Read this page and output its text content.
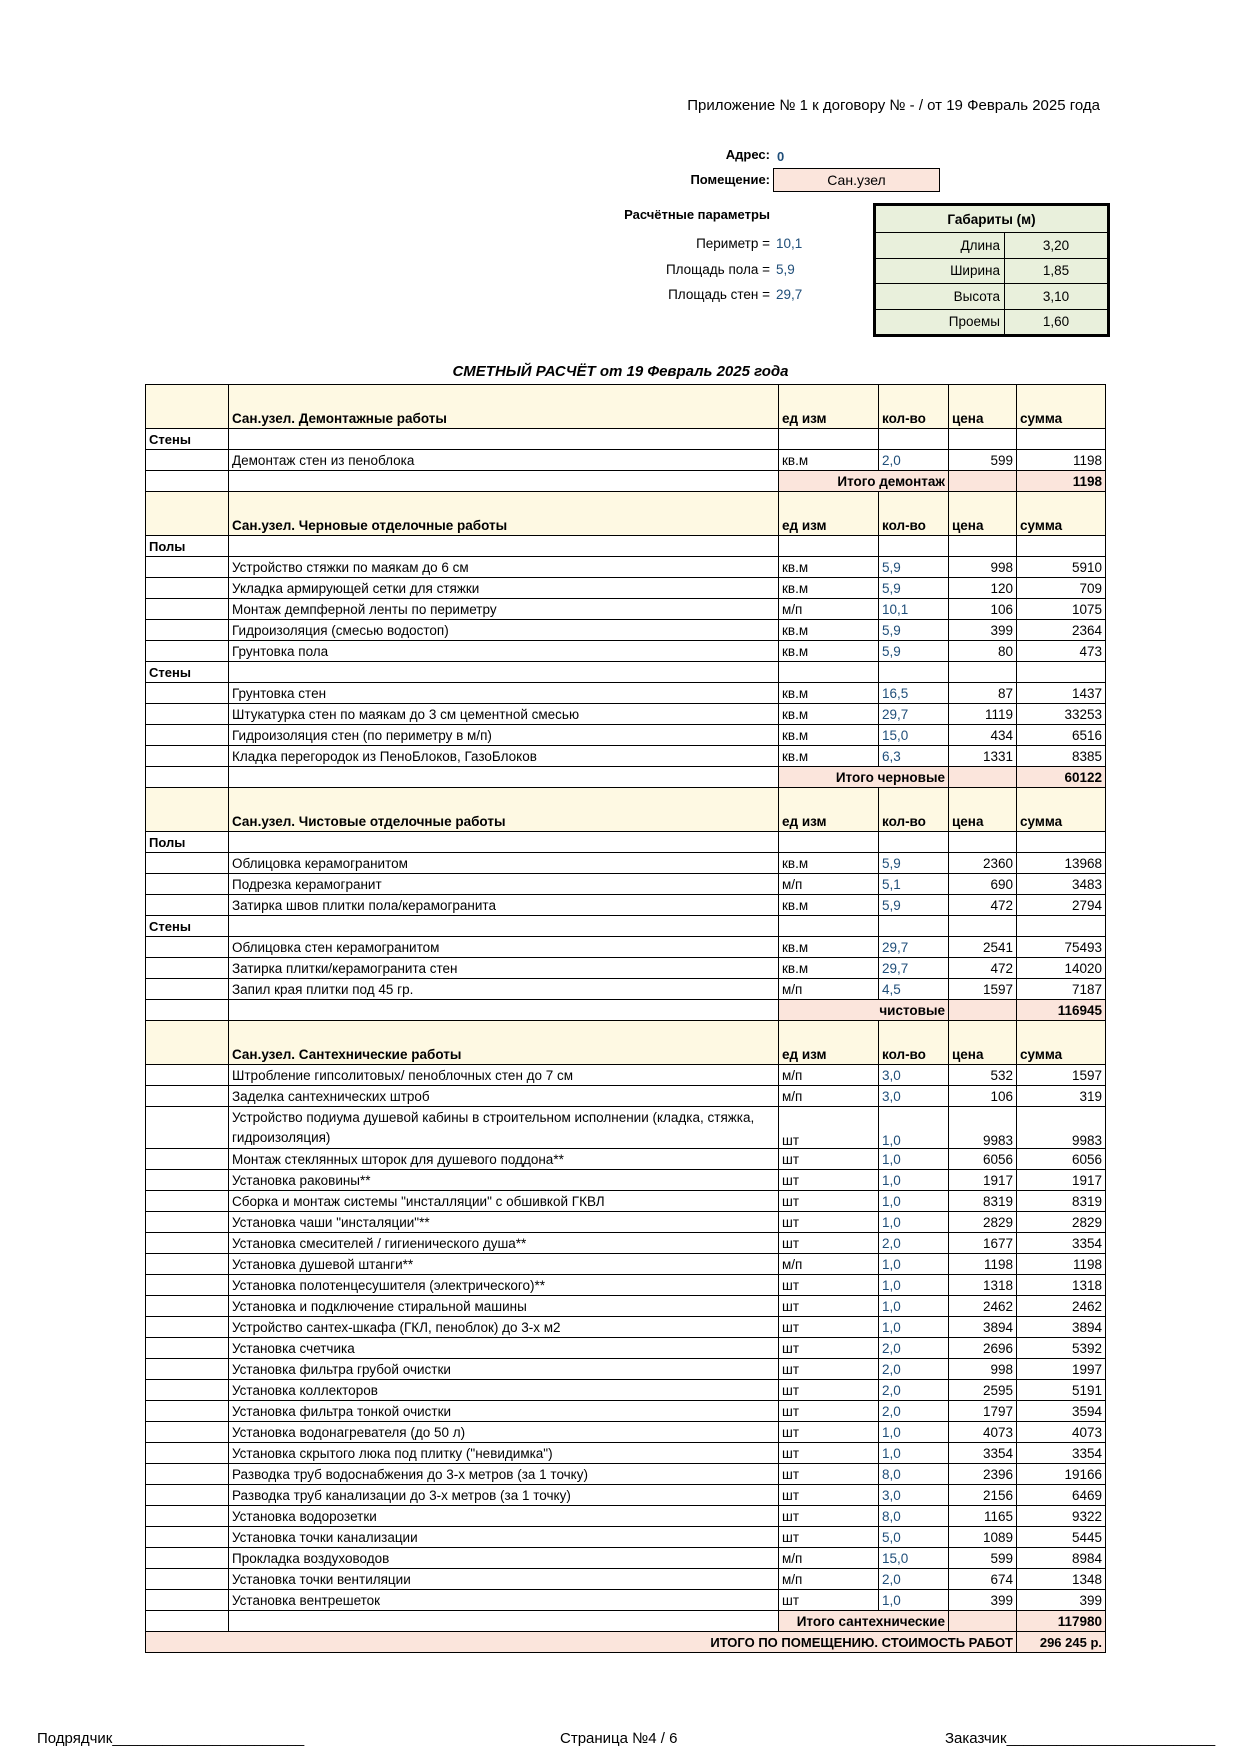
Приложение № 1 к договору № - / от 19 Февраль 2025 года
Адрес: 0
Помещение:	Сан.узел
Расчётные параметры
Периметр = 10,1
Площадь пола = 5,9
Площадь стен = 29,7
Габариты (м)	
Длина	3,20
Ширина	1,85
Высота	3,10
Проемы	1,60
СМЕТНЫЙ РАСЧЁТ от 19 Февраль 2025 года
	Сан.узел. Демонтажные работы	ед изм	кол-во	цена	сумма
Стены					
	Демонтаж стен из пеноблока	кв.м	2,0	599	1198
		Итого демонтаж			1198
	Сан.узел. Черновые отделочные работы	ед изм	кол-во	цена	сумма
Полы					
	Устройство стяжки по маякам до 6 см	кв.м	5,9	998	5910
	Укладка армирующей сетки для стяжки	кв.м	5,9	120	709
	Монтаж демпферной ленты по периметру	м/п	10,1	106	1075
	Гидроизоляция (смесью водостоп)	кв.м	5,9	399	2364
	Грунтовка пола	кв.м	5,9	80	473
Стены					
	Грунтовка стен	кв.м	16,5	87	1437
	Штукатурка стен по маякам до 3 см цементной смесью	кв.м	29,7	1119	33253
	Гидроизоляция стен (по периметру в м/п)	кв.м	15,0	434	6516
	Кладка перегородок из ПеноБлоков, ГазоБлоков	кв.м	6,3	1331	8385
		Итого черновые			60122
	Сан.узел. Чистовые отделочные работы	ед изм	кол-во	цена	сумма
Полы					
	Облицовка керамогранитом	кв.м	5,9	2360	13968
	Подрезка керамогранит	м/п	5,1	690	3483
	Затирка швов плитки пола/керамогранита	кв.м	5,9	472	2794
Стены					
	Облицовка стен керамогранитом	кв.м	29,7	2541	75493
	Затирка плитки/керамогранита стен	кв.м	29,7	472	14020
	Запил края плитки под 45 гр.	м/п	4,5	1597	7187
		чистовые			116945
	Сан.узел. Сантехнические работы	ед изм	кол-во	цена	сумма
	Штробление гипсолитовых/ пеноблочных стен до 7 см	м/п	3,0	532	1597
	Заделка сантехнических штроб	м/п	3,0	106	319
	Устройство подиума душевой кабины в строительном исполнении (кладка, стяжка, гидроизоляция)	шт	1,0	9983	9983
	Монтаж стеклянных шторок для душевого поддона**	шт	1,0	6056	6056
	Установка раковины**	шт	1,0	1917	1917
	Сборка и монтаж системы "инсталляции" с обшивкой ГКВЛ	шт	1,0	8319	8319
	Установка чаши "инсталяции"**	шт	1,0	2829	2829
	Установка смесителей / гигиенического душа**	шт	2,0	1677	3354
	Установка душевой штанги**	м/п	1,0	1198	1198
	Установка полотенцесушителя (электрического)**	шт	1,0	1318	1318
	Установка и подключение стиральной машины	шт	1,0	2462	2462
	Устройство сантех-шкафа (ГКЛ, пеноблок) до 3-х м2	шт	1,0	3894	3894
	Установка счетчика	шт	2,0	2696	5392
	Установка фильтра грубой очистки	шт	2,0	998	1997
	Установка коллекторов	шт	2,0	2595	5191
	Установка фильтра тонкой очистки	шт	2,0	1797	3594
	Установка водонагревателя (до 50 л)	шт	1,0	4073	4073
	Установка скрытого люка под плитку ("невидимка")	шт	1,0	3354	3354
	Разводка труб водоснабжения до 3-х метров (за 1 точку)	шт	8,0	2396	19166
	Разводка труб канализации до 3-х метров (за 1 точку)	шт	3,0	2156	6469
	Установка водорозетки	шт	8,0	1165	9322
	Установка точки канализации	шт	5,0	1089	5445
	Прокладка воздуховодов	м/п	15,0	599	8984
	Установка точки вентиляции	м/п	2,0	674	1348
	Установка вентрешеток	шт	1,0	399	399
		Итого сантехнические			117980
ИТОГО ПО ПОМЕЩЕНИЮ. СТОИМОСТЬ РАБОТ					296 245 р.
Подрядчик_______________________	Страница №4 / 6	Заказчик_________________________
